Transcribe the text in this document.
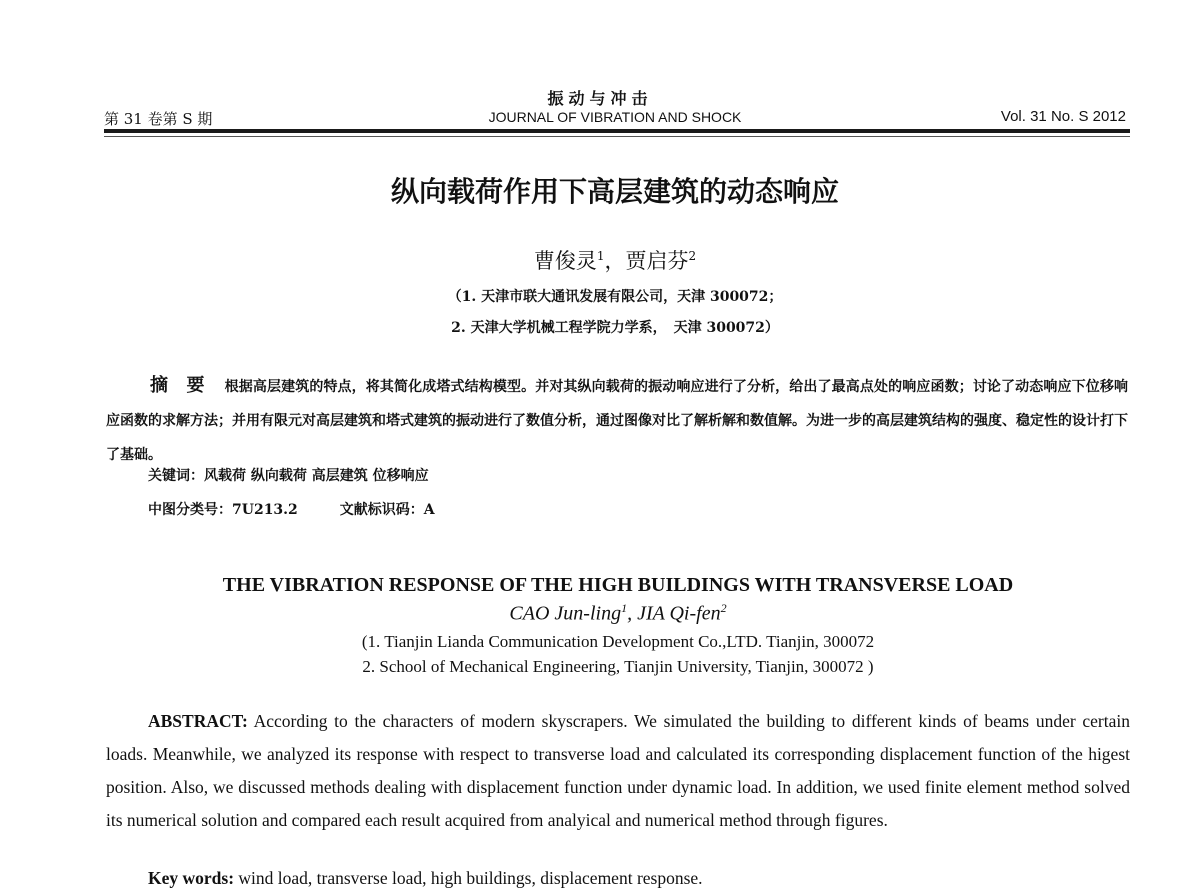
振动与冲击
第 31 卷第 S 期	JOURNAL OF VIBRATION AND SHOCK	Vol. 31 No. S 2012
纵向载荷作用下高层建筑的动态响应
曹俊灵$^1$，贾启芬$^2$
（1. 天津市联大通讯发展有限公司，天津 300072；
2. 天津大学机械工程学院力学系，　天津 300072）
摘 要 根据高层建筑的特点，将其简化成塔式结构模型。并对其纵向载荷的振动响应进行了分析，给出了最高点处的响应函数；讨论了动态响应下位移响应函数的求解方法；并用有限元对高层建筑和塔式建筑的振动进行了数值分析，通过图像对比了解析解和数值解。为进一步的高层建筑结构的强度、稳定性的设计打下了基础。
关键词：风载荷 纵向载荷 高层建筑 位移响应
中图分类号：7U213.2	文献标识码：A
THE VIBRATION RESPONSE OF THE HIGH BUILDINGS WITH TRANSVERSE LOAD
CAO Jun-ling$^1$, JIA Qi-fen$^2$
(1. Tianjin Lianda Communication Development Co.,LTD. Tianjin, 300072
2. School of Mechanical Engineering, Tianjin University, Tianjin, 300072 )
ABSTRACT: According to the characters of modern skyscrapers. We simulated the building to different kinds of beams under certain loads. Meanwhile, we analyzed its response with respect to transverse load and calculated its corresponding displacement function of the higest position. Also, we discussed methods dealing with displacement function under dynamic load. In addition, we used finite element method solved its numerical solution and compared each result acquired from analyical and numerical method through figures.
Key words: wind load, transverse load, high buildings, displacement response.
